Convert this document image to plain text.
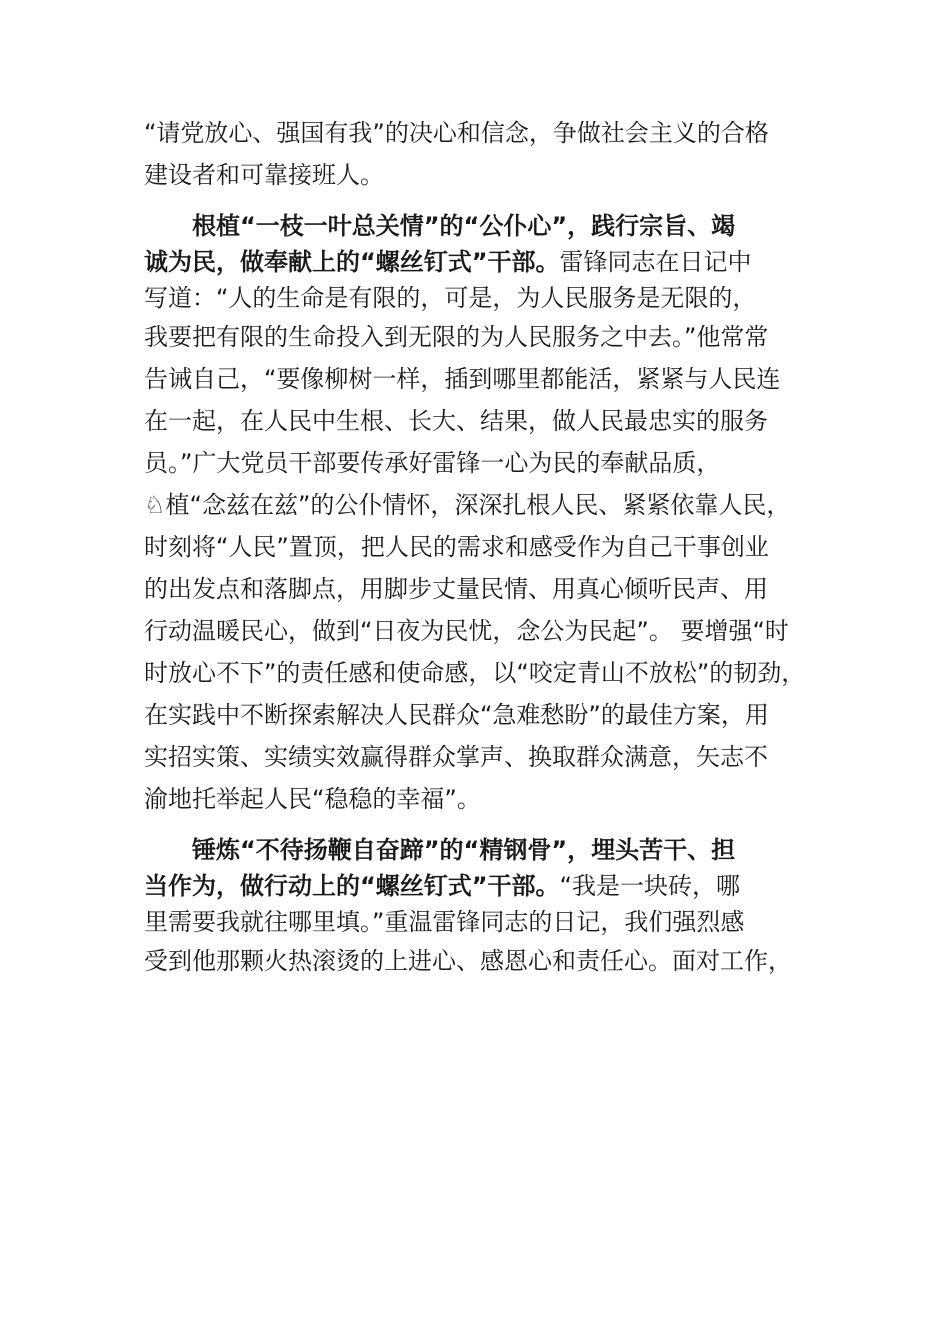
“请党放心、强国有我”的决心和信念，争做社会主义的合格
建设者和可靠接班人。
根植“一枝一叶总关情”的“公仆心”，践行宗旨、竭
诚为民，做奉献上的“螺丝钉式”干部。雷锋同志在日记中
写道：“人的生命是有限的，可是，为人民服务是无限的，
我要把有限的生命投入到无限的为人民服务之中去。”他常常
告诫自己，“要像柳树一样，插到哪里都能活，紧紧与人民连
在一起，在人民中生根、长大、结果，做人民最忠实的服务
员。”广大党员干部要传承好雷锋一心为民的奉献品质，
♘植“念兹在兹”的公仆情怀，深深扎根人民、紧紧依靠人民，
时刻将“人民”置顶，把人民的需求和感受作为自己干事创业
的出发点和落脚点，用脚步丈量民情、用真心倾听民声、用
行动温暖民心，做到“日夜为民忧，念公为民起”。 要增强“时
时放心不下”的责任感和使命感，以“咬定青山不放松”的韧劲，
在实践中不断探索解决人民群众“急难愁盼”的最佳方案，用
实招实策、实绩实效赢得群众掌声、换取群众满意，矢志不
渝地托举起人民“稳稳的幸福”。
锤炼“不待扬鞭自奋蹄”的“精钢骨”，埋头苦干、担
当作为，做行动上的“螺丝钉式”干部。“我是一块砖，哪
里需要我就往哪里填。”重温雷锋同志的日记，我们强烈感
受到他那颗火热滚烫的上进心、感恩心和责任心。面对工作，
